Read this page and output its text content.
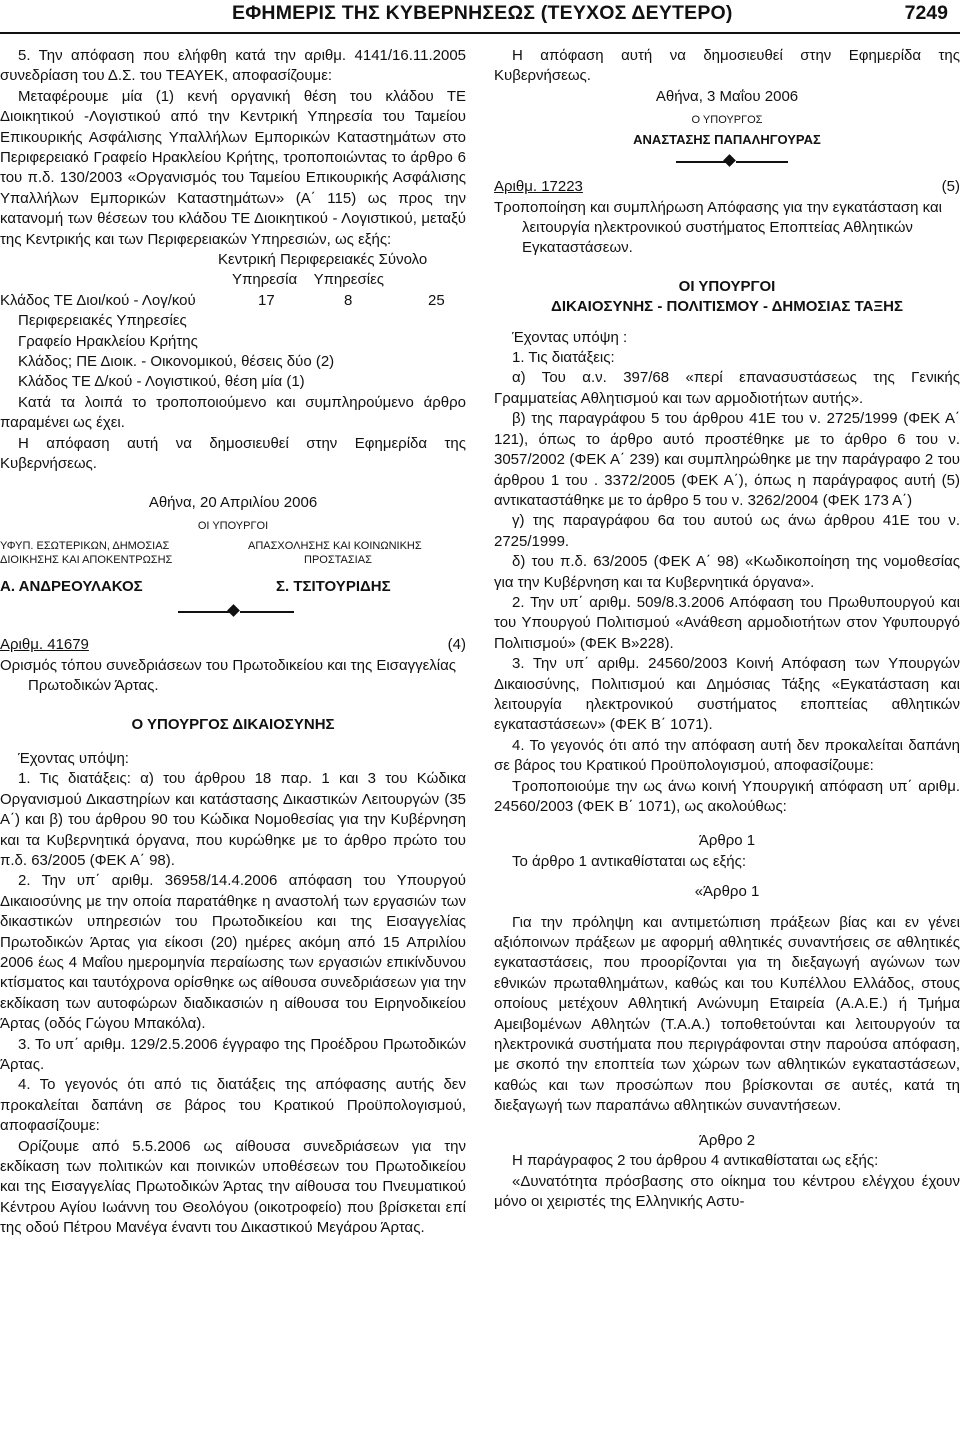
ΕΦΗΜΕΡΙΣ ΤΗΣ ΚΥΒΕΡΝΗΣΕΩΣ (ΤΕΥΧΟΣ ΔΕΥΤΕΡΟ)	7249

5. Την απόφαση που ελήφθη κατά την αριθμ. 4141/16.11.2005 συνεδρίαση του Δ.Σ. του ΤΕΑΥΕΚ, αποφασίζουμε:

Μεταφέρουμε μία (1) κενή οργανική θέση του κλάδου ΤΕ Διοικητικού -Λογιστικού από την Κεντρική Υπηρεσία του Ταμείου Επικουρικής Ασφάλισης Υπαλλήλων Εμπορικών Καταστημάτων στο Περιφερειακό Γραφείο Ηρακλείου Κρήτης, τροποποιώντας το άρθρο 6 του π.δ. 130/2003 «Οργανισμός του Ταμείου Επικουρικής Ασφάλισης Υπαλλήλων Εμπορικών Καταστημάτων» (Α΄ 115) ως προς την κατανομή των θέσεων του κλάδου ΤΕ Διοικητικού - Λογιστικού, μεταξύ της Κεντρικής και των Περιφερειακών Υπηρεσιών, ως εξής:

Κεντρική Περιφερειακές Σύνολο

Υπηρεσία    Υπηρεσίες

Κλάδος ΤΕ Διοι/κού - Λογ/κού	17	8	25

Περιφερειακές Υπηρεσίες

Γραφείο Ηρακλείου Κρήτης

Κλάδος; ΠΕ Διοικ. - Οικονομικού, θέσεις δύο (2)

Κλάδος ΤΕ Δ/κού - Λογιστικού, θέση μία (1)

Κατά τα λοιπά το τροποποιούμενο και συμπληρούμενο άρθρο παραμένει ως έχει.

Η απόφαση αυτή να δημοσιευθεί στην Εφημερίδα της Κυβερνήσεως.

Αθήνα, 20 Απριλίου 2006

ΟΙ ΥΠΟΥΡΓΟΙ

ΥΦΥΠ. ΕΣΩΤΕΡΙΚΩΝ, ΔΗΜΟΣΙΑΣ
ΔΙΟΙΚΗΣΗΣ ΚΑΙ ΑΠΟΚΕΝΤΡΩΣΗΣ
ΑΠΑΣΧΟΛΗΣΗΣ ΚΑΙ ΚΟΙΝΩΝΙΚΗΣ
ΠΡΟΣΤΑΣΙΑΣ
Α. ΑΝΔΡΕΟΥΛΑΚΟΣ	Σ. ΤΣΙΤΟΥΡΙΔΗΣ
Αριθμ. 41679	(4)

Ορισμός τόπου συνεδριάσεων του Πρωτοδικείου και της Εισαγγελίας Πρωτοδικών Άρτας.

Ο ΥΠΟΥΡΓΟΣ ΔΙΚΑΙΟΣΥΝΗΣ

Έχοντας υπόψη:

1. Τις διατάξεις: α) του άρθρου 18 παρ. 1 και 3 του Κώδικα Οργανισμού Δικαστηρίων και κατάστασης Δικαστικών Λειτουργών (35 Α΄) και β) του άρθρου 90 του Κώδικα Νομοθεσίας για την Κυβέρνηση και τα Κυβερνητικά όργανα, που κυρώθηκε με το άρθρο πρώτο του π.δ. 63/2005 (ΦΕΚ Α΄ 98).

2. Την υπ΄ αριθμ. 36958/14.4.2006 απόφαση του Υπουργού Δικαιοσύνης με την οποία παρατάθηκε η αναστολή των εργασιών των δικαστικών υπηρεσιών του Πρωτοδικείου και της Εισαγγελίας Πρωτοδικών Άρτας για είκοσι (20) ημέρες ακόμη από 15 Απριλίου 2006 έως 4 Μαΐου ημερομηνία περαίωσης των εργασιών επικίνδυνου κτίσματος και ταυτόχρονα ορίσθηκε ως αίθουσα συνεδριάσεων για την εκδίκαση των αυτοφώρων διαδικασιών η αίθουσα του Ειρηνοδικείου Άρτας (οδός Γώγου Μπακόλα).

3. Το υπ΄ αριθμ. 129/2.5.2006 έγγραφο της Προέδρου Πρωτοδικών Άρτας.

4. Το γεγονός ότι από τις διατάξεις της απόφασης αυτής δεν προκαλείται δαπάνη σε βάρος του Κρατικού Προϋπολογισμού, αποφασίζουμε:

Ορίζουμε από 5.5.2006 ως αίθουσα συνεδριάσεων για την εκδίκαση των πολιτικών και ποινικών υποθέσεων του Πρωτοδικείου και της Εισαγγελίας Πρωτοδικών Άρτας την αίθουσα του Πνευματικού Κέντρου Αγίου Ιωάννη του Θεολόγου (οικοτροφείο) που βρίσκεται επί της οδού Πέτρου Μανέγα έναντι του Δικαστικού Μεγάρου Άρτας.

Η απόφαση αυτή να δημοσιευθεί στην Εφημερίδα της Κυβερνήσεως.

Αθήνα, 3 Μαΐου 2006

Ο ΥΠΟΥΡΓΟΣ

ΑΝΑΣΤΑΣΗΣ ΠΑΠΑΛΗΓΟΥΡΑΣ

Αριθμ. 17223	(5)

Τροποποίηση και συμπλήρωση Απόφασης για την εγκατάσταση και λειτουργία ηλεκτρονικού συστήματος Εποπτείας Αθλητικών Εγκαταστάσεων.

ΟΙ ΥΠΟΥΡΓΟΙ

ΔΙΚΑΙΟΣΥΝΗΣ - ΠΟΛΙΤΙΣΜΟΥ - ΔΗΜΟΣΙΑΣ ΤΑΞΗΣ

Έχοντας υπόψη :

1. Τις διατάξεις:

α) Του α.ν. 397/68 «περί επανασυστάσεως της Γενικής Γραμματείας Αθλητισμού και των αρμοδιοτήτων αυτής».

β) της παραγράφου 5 του άρθρου 41Ε του ν. 2725/1999 (ΦΕΚ Α΄ 121), όπως το άρθρο αυτό προστέθηκε με το άρθρο 6 του ν. 3057/2002 (ΦΕΚ Α΄ 239) και συμπληρώθηκε με την παράγραφο 2 του άρθρου 1 του . 3372/2005 (ΦΕΚ Α΄), όπως η παράγραφος αυτή (5) αντικαταστάθηκε με το άρθρο 5 του ν. 3262/2004 (ΦΕΚ 173 Α΄)

γ) της παραγράφου 6α του αυτού ως άνω άρθρου 41Ε του ν. 2725/1999.

δ) του π.δ. 63/2005 (ΦΕΚ Α΄ 98) «Κωδικοποίηση της νομοθεσίας για την Κυβέρνηση και τα Κυβερνητικά όργανα».

2. Την υπ΄ αριθμ. 509/8.3.2006 Απόφαση του Πρωθυπουργού και του Υπουργού Πολιτισμού «Ανάθεση αρμοδιοτήτων στον Υφυπουργό Πολιτισμού» (ΦΕΚ Β»228).

3. Την υπ΄ αριθμ. 24560/2003 Κοινή Απόφαση των Υπουργών Δικαιοσύνης, Πολιτισμού και Δημόσιας Τάξης «Εγκατάσταση και λειτουργία ηλεκτρονικού συστήματος εποπτείας αθλητικών εγκαταστάσεων» (ΦΕΚ Β΄ 1071).

4. Το γεγονός ότι από την απόφαση αυτή δεν προκαλείται δαπάνη σε βάρος του Κρατικού Προϋπολογισμού, αποφασίζουμε:

Τροποποιούμε την ως άνω κοινή Υπουργική απόφαση υπ΄ αριθμ. 24560/2003 (ΦΕΚ Β΄ 1071), ως ακολούθως:

Άρθρο 1

Το άρθρο 1 αντικαθίσταται ως εξής:

«Άρθρο 1

Για την πρόληψη και αντιμετώπιση πράξεων βίας και εν γένει αξιόποινων πράξεων με αφορμή αθλητικές συναντήσεις σε αθλητικές εγκαταστάσεις, που προορίζονται για τη διεξαγωγή αγώνων των εθνικών πρωταθλημάτων, καθώς και του Κυπέλλου Ελλάδος, στους οποίους μετέχουν Αθλητική Ανώνυμη Εταιρεία (Α.Α.Ε.) ή Τμήμα Αμειβομένων Αθλητών (Τ.Α.Α.) τοποθετούνται και λειτουργούν τα ηλεκτρονικά συστήματα που περιγράφονται στην παρούσα απόφαση, με σκοπό την εποπτεία των χώρων των αθλητικών εγκαταστάσεων, καθώς και των προσώπων που βρίσκονται σε αυτές, κατά τη διεξαγωγή των παραπάνω αθλητικών συναντήσεων.

Άρθρο 2

Η παράγραφος 2 του άρθρου 4 αντικαθίσταται ως εξής:

«Δυνατότητα πρόσβασης στο οίκημα του κέντρου ελέγχου έχουν μόνο οι χειριστές της Ελληνικής Αστυ-
